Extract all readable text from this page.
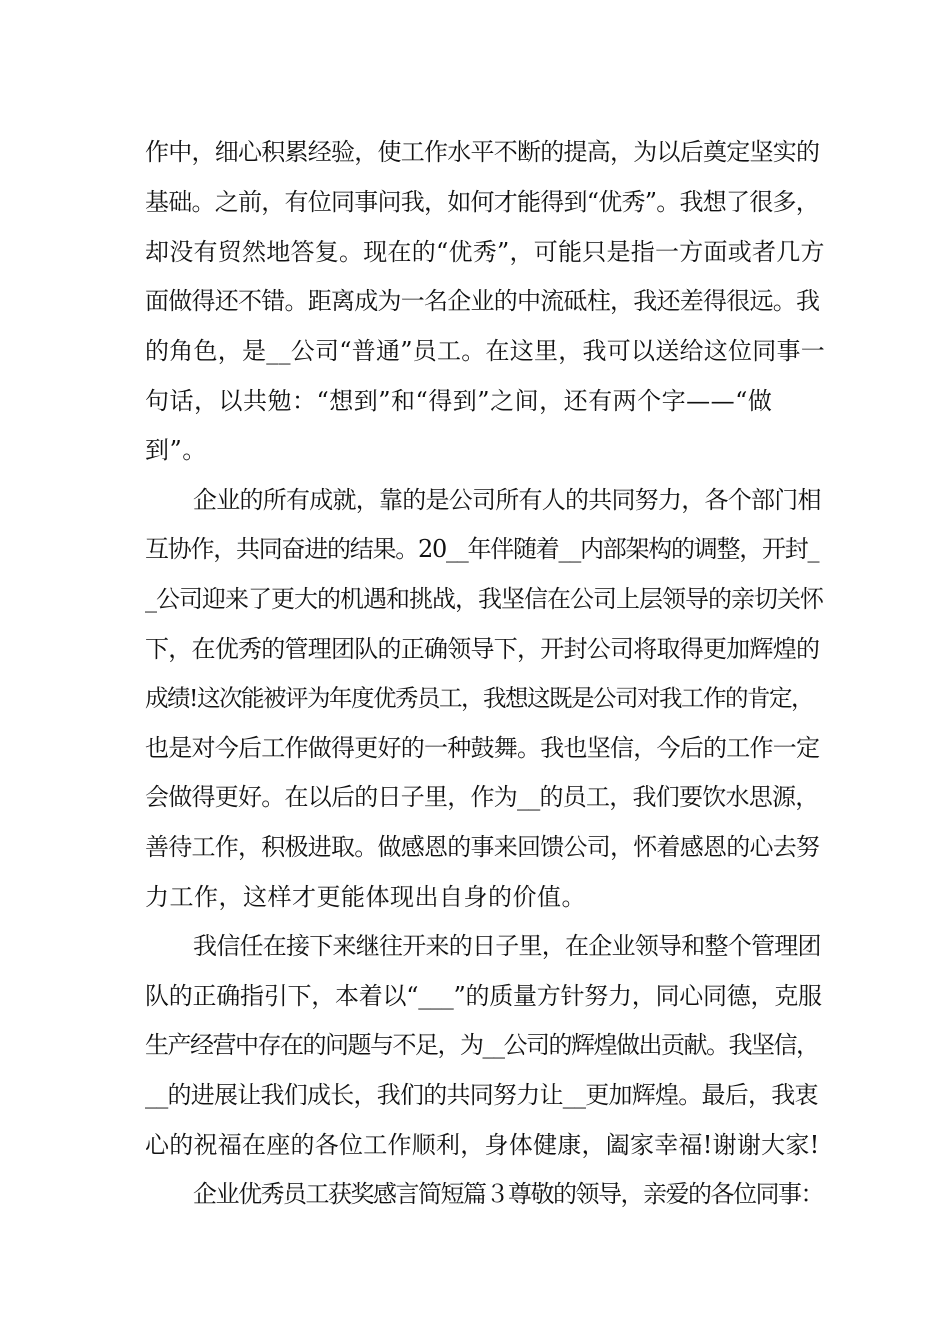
作中，细心积累经验，使工作水平不断的提高，为以后奠定坚实的
基础。之前，有位同事问我，如何才能得到“优秀”。我想了很多，
却没有贸然地答复。现在的“优秀”，可能只是指一方面或者几方
面做得还不错。距离成为一名企业的中流砥柱，我还差得很远。我
的角色，是__公司“普通”员工。在这里，我可以送给这位同事一
句话，以共勉：“想到”和“得到”之间，还有两个字——“做
到”。
企业的所有成就，靠的是公司所有人的共同努力，各个部门相
互协作，共同奋进的结果。20__年伴随着__内部架构的调整，开封_
_公司迎来了更大的机遇和挑战，我坚信在公司上层领导的亲切关怀
下，在优秀的管理团队的正确领导下，开封公司将取得更加辉煌的
成绩!这次能被评为年度优秀员工，我想这既是公司对我工作的肯定，
也是对今后工作做得更好的一种鼓舞。我也坚信，今后的工作一定
会做得更好。在以后的日子里，作为__的员工，我们要饮水思源，
善待工作，积极进取。做感恩的事来回馈公司，怀着感恩的心去努
力工作，这样才更能体现出自身的价值。
我信任在接下来继往开来的日子里，在企业领导和整个管理团
队的正确指引下，本着以“___”的质量方针努力，同心同德，克服
生产经营中存在的问题与不足，为__公司的辉煌做出贡献。我坚信，
__的进展让我们成长，我们的共同努力让__更加辉煌。最后，我衷
心的祝福在座的各位工作顺利，身体健康，阖家幸福!谢谢大家!
企业优秀员工获奖感言简短篇３尊敬的领导，亲爱的各位同事：
